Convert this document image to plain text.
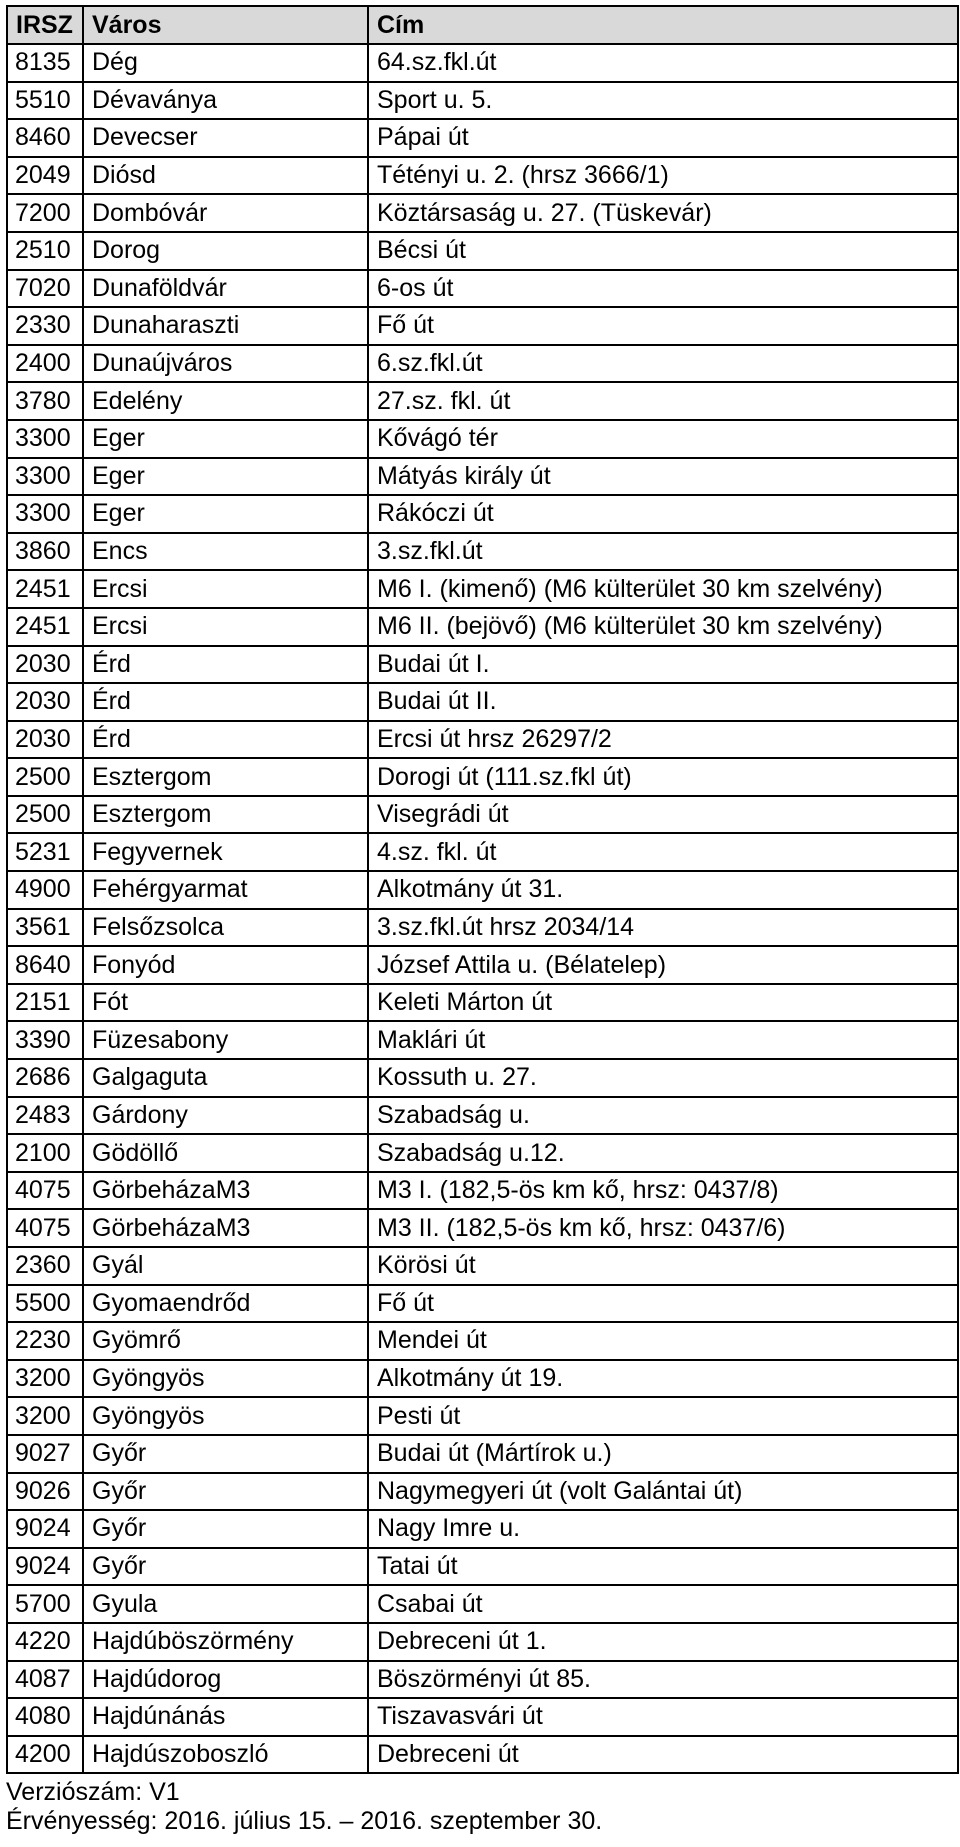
IRSZ	Város	Cím
8135	Dég	64.sz.fkl.út
5510	Dévaványa	Sport u. 5.
8460	Devecser	Pápai út
2049	Diósd	Tétényi u. 2. (hrsz 3666/1)
7200	Dombóvár	Köztársaság u. 27. (Tüskevár)
2510	Dorog	Bécsi út
7020	Dunaföldvár	6-os út
2330	Dunaharaszti	Fő út
2400	Dunaújváros	6.sz.fkl.út
3780	Edelény	27.sz. fkl. út
3300	Eger	Kővágó tér
3300	Eger	Mátyás király út
3300	Eger	Rákóczi út
3860	Encs	3.sz.fkl.út
2451	Ercsi	M6 I. (kimenő) (M6 külterület 30 km szelvény)
2451	Ercsi	M6 II. (bejövő) (M6 külterület 30 km szelvény)
2030	Érd	Budai út I.
2030	Érd	Budai út II.
2030	Érd	Ercsi út hrsz 26297/2
2500	Esztergom	Dorogi út (111.sz.fkl út)
2500	Esztergom	Visegrádi út
5231	Fegyvernek	4.sz. fkl. út
4900	Fehérgyarmat	Alkotmány út 31.
3561	Felsőzsolca	3.sz.fkl.út hrsz 2034/14
8640	Fonyód	József Attila u. (Bélatelep)
2151	Fót	Keleti Márton út
3390	Füzesabony	Maklári út
2686	Galgaguta	Kossuth u. 27.
2483	Gárdony	Szabadság u.
2100	Gödöllő	Szabadság u.12.
4075	GörbeházaM3	M3 I. (182,5-ös km kő, hrsz: 0437/8)
4075	GörbeházaM3	M3 II. (182,5-ös km kő, hrsz: 0437/6)
2360	Gyál	Körösi út
5500	Gyomaendrőd	Fő út
2230	Gyömrő	Mendei út
3200	Gyöngyös	Alkotmány út 19.
3200	Gyöngyös	Pesti út
9027	Győr	Budai út (Mártírok u.)
9026	Győr	Nagymegyeri út (volt Galántai út)
9024	Győr	Nagy Imre u.
9024	Győr	Tatai út
5700	Gyula	Csabai út
4220	Hajdúböszörmény	Debreceni út 1.
4087	Hajdúdorog	Böszörményi út 85.
4080	Hajdúnánás	Tiszavasvári út
4200	Hajdúszoboszló	Debreceni út
Verziószám: V1
Érvényesség: 2016. július 15. – 2016. szeptember 30.
